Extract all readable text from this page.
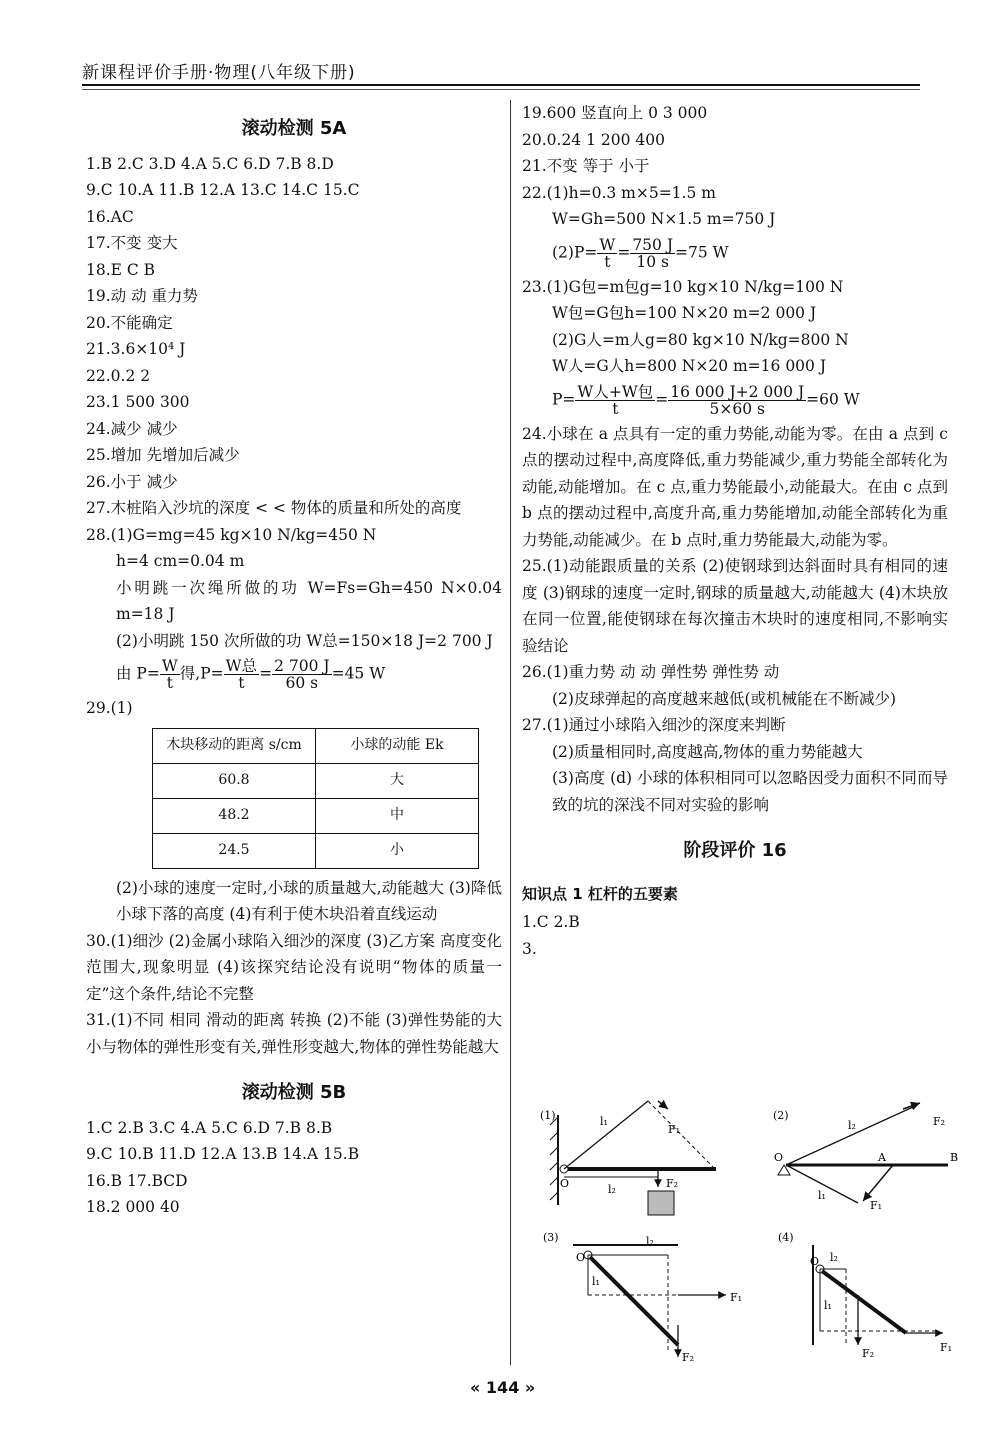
新课程评价手册·物理(八年级下册)
滚动检测 5A
1.B 2.C 3.D 4.A 5.C 6.D 7.B 8.D
9.C 10.A 11.B 12.A 13.C 14.C 15.C
16.AC
17.不变 变大
18.E C B
19.动 动 重力势
20.不能确定
21.3.6×10⁴ J
22.0.2 2
23.1 500 300
24.减少 减少
25.增加 先增加后减少
26.小于 减少
27.木桩陷入沙坑的深度 < < 物体的质量和所处的高度
28.(1)G=mg=45 kg×10 N/kg=450 N
h=4 cm=0.04 m
小明跳一次绳所做的功 W=Fs=Gh=450 N×0.04 m=18 J
(2)小明跳 150 次所做的功 W总=150×18 J=2 700 J
由 $P= \frac{W}{t}$ 得,P= W总
t
= $\frac{2 700 J}{60 s} =45$ W
29.(1)
木块移动的距离 s/cm	小球的动能 Ek
60.8	大
48.2	中
24.5	小
(2)小球的速度一定时,小球的质量越大,动能越大 (3)降低小球下落的高度 (4)有利于使木块沿着直线运动
30.(1)细沙 (2)金属小球陷入细沙的深度 (3)乙方案 高度变化范围大,现象明显 (4)该探究结论没有说明“物体的质量一定”这个条件,结论不完整
31.(1)不同 相同 滑动的距离 转换 (2)不能 (3)弹性势能的大小与物体的弹性形变有关,弹性形变越大,物体的弹性势能越大
滚动检测 5B
1.C 2.B 3.C 4.A 5.C 6.D 7.B 8.B
9.C 10.B 11.D 12.A 13.B 14.A 15.B
16.B 17.BCD
18.2 000 40
19.600 竖直向上 0 3 000
20.0.24 1 200 400
21.不变 等于 小于
22.(1)h=0.3 m×5=1.5 m
W=Gh=500 N×1.5 m=750 J
$(2)P= \frac{W}{t} = \frac{750 J}{10 s} =75$ W
23.(1)G包=m包g=10 kg×10 N/kg=100 N
W包=G包h=100 N×20 m=2 000 J
(2)G人=m人g=80 kg×10 N/kg=800 N
W人=G人h=800 N×20 m=16 000 J
P= W人+W包
t
= $\frac{16 000 J+2 000 J}{5\times 60 s} =60$ W
24.小球在 a 点具有一定的重力势能,动能为零。在由 a 点到 c 点的摆动过程中,高度降低,重力势能减少,重力势能全部转化为动能,动能增加。在 c 点,重力势能最小,动能最大。在由 c 点到 b 点的摆动过程中,高度升高,重力势能增加,动能全部转化为重力势能,动能减少。在 b 点时,重力势能最大,动能为零。
25.(1)动能跟质量的关系 (2)使钢球到达斜面时具有相同的速度 (3)钢球的速度一定时,钢球的质量越大,动能越大 (4)木块放在同一位置,能使钢球在每次撞击木块时的速度相同,不影响实验结论
26.(1)重力势 动 动 弹性势 弹性势 动
(2)皮球弹起的高度越来越低(或机械能在不断减少)
27.(1)通过小球陷入细沙的深度来判断
(2)质量相同时,高度越高,物体的重力势能越大
(3)高度 (d) 小球的体积相同可以忽略因受力面积不同而导致的坑的深浅不同对实验的影响
阶段评价 16
知识点 1 杠杆的五要素
1.C 2.B
3.
(1)
O
l₁
F₁
l₂	F₂
(2)
O	A	B
F₂
l₂
F₁
l₁
(3)
O
l₂
l₁
F₁
F₂
(4)
O l₂
l₁
F₁
F₂
« 144 »
